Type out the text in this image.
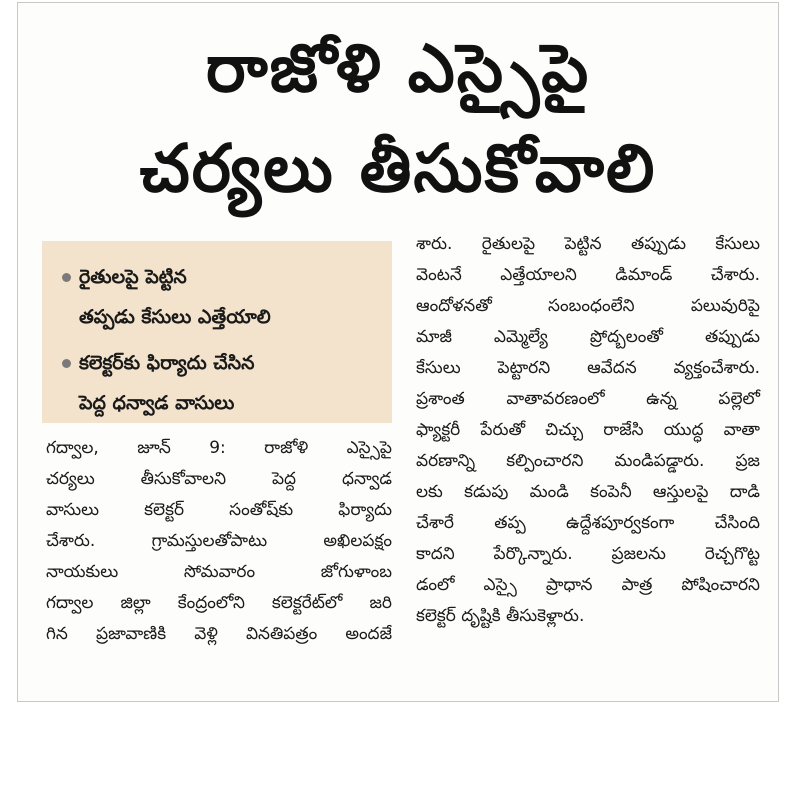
రాజోళి ఎస్సైపై
చర్యలు తీసుకోవాలి
రైతులపై పెట్టిన
తప్పడు కేసులు ఎత్తేయాలి
కలెక్టర్‌కు ఫిర్యాదు చేసిన
పెద్ద ధన్వాడ వాసులు
గద్వాల, జూన్ 9: రాజోళి ఎస్సైపై
చర్యలు తీసుకోవాలని పెద్ద ధన్వాడ
వాసులు కలెక్టర్ సంతోష్‌కు ఫిర్యాదు
చేశారు. గ్రామస్తులతోపాటు అఖిలపక్షం
నాయకులు సోమవారం జోగుళాంబ
గద్వాల జిల్లా కేంద్రంలోని కలెక్టరేట్‌లో జరి
గిన ప్రజావాణికి వెళ్లి వినతిపత్రం అందజే
శారు. రైతులపై పెట్టిన తప్పుడు కేసులు
వెంటనే ఎత్తేయాలని డిమాండ్ చేశారు.
ఆందోళనతో సంబంధంలేని పలువురిపై
మాజీ ఎమ్మెల్యే ప్రోద్బలంతో తప్పుడు
కేసులు పెట్టారని ఆవేదన వ్యక్తంచేశారు.
ప్రశాంత వాతావరణంలో ఉన్న పల్లెలో
ఫ్యాక్టరీ పేరుతో చిచ్చు రాజేసి యుద్ధ వాతా
వరణాన్ని కల్పించారని మండిపడ్డారు. ప్రజ
లకు కడుపు మండి కంపెనీ ఆస్తులపై దాడి
చేశారే తప్ప ఉద్దేశపూర్వకంగా చేసింది
కాదని పేర్కొన్నారు. ప్రజలను రెచ్చగొట్ట
డంలో ఎస్సై ప్రాధాన పాత్ర పోషించారని
కలెక్టర్ దృష్టికి తీసుకెళ్లారు.
